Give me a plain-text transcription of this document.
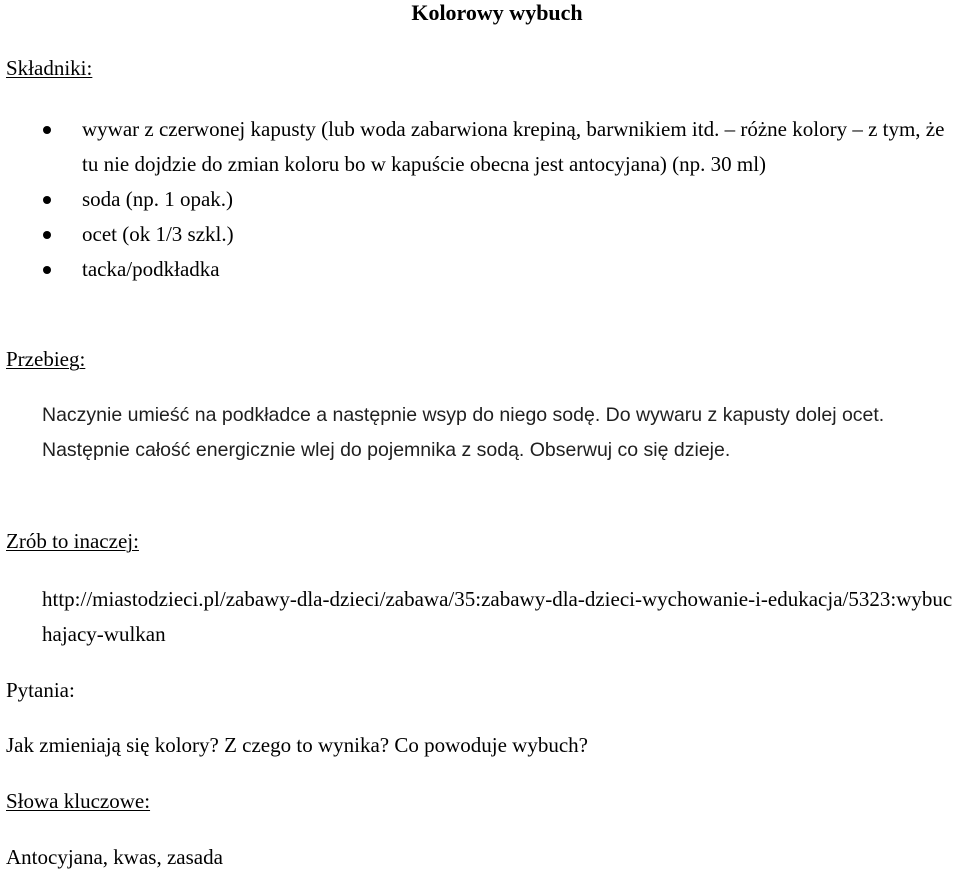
Kolorowy wybuch
Składniki:
wywar z czerwonej kapusty (lub woda zabarwiona krepiną, barwnikiem itd. – różne kolory – z tym, że tu nie dojdzie do zmian koloru bo w kapuście obecna jest antocyjana) (np. 30 ml)
soda (np. 1 opak.)
ocet (ok 1/3 szkl.)
tacka/podkładka
Przebieg:
Naczynie umieść na podkładce a następnie wsyp do niego sodę. Do wywaru z kapusty dolej ocet. Następnie całość energicznie wlej do pojemnika z sodą. Obserwuj co się dzieje.
Zrób to inaczej:
http://miastodzieci.pl/zabawy-dla-dzieci/zabawa/35:zabawy-dla-dzieci-wychowanie-i-edukacja/5323:wybuchajacy-wulkan
Pytania:
Jak zmieniają się kolory? Z czego to wynika? Co powoduje wybuch?
Słowa kluczowe:
Antocyjana, kwas, zasada
